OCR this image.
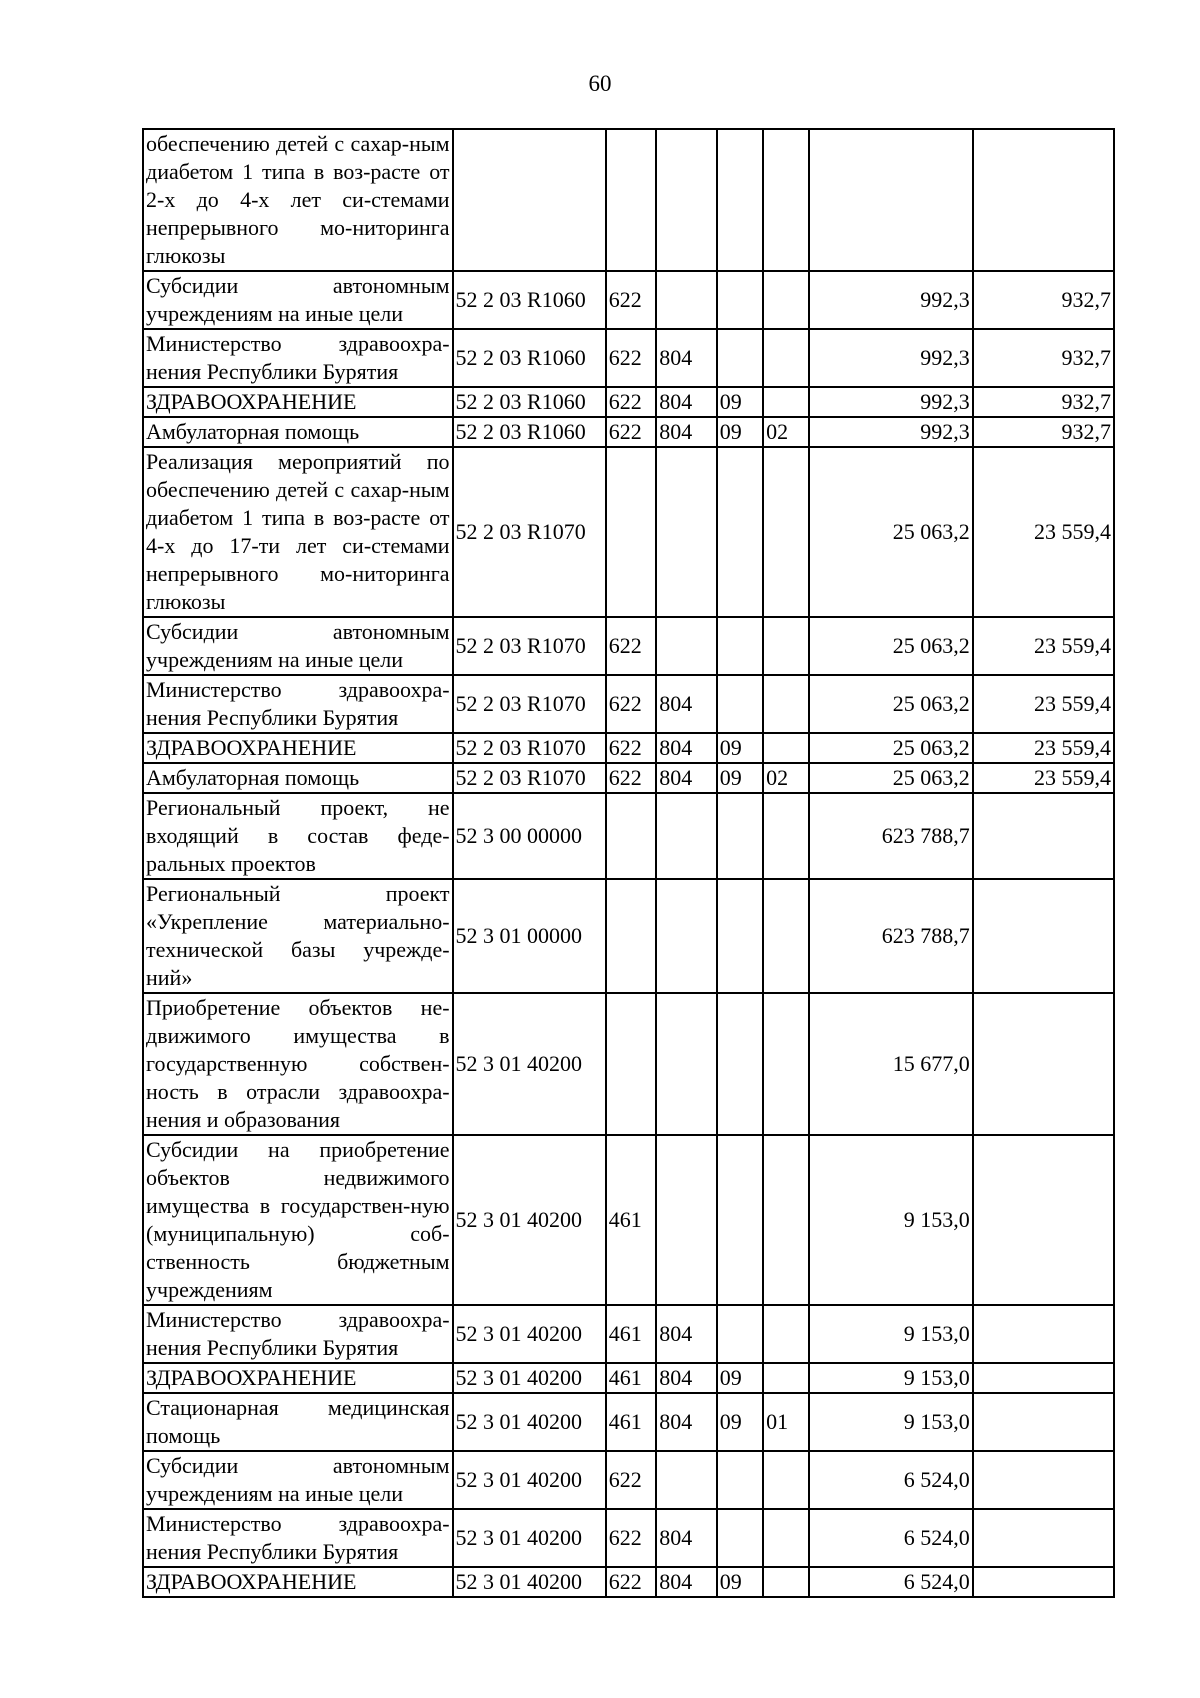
60
обеспечению детей с сахар-ным диабетом 1 типа в воз-расте от 2-х до 4-х лет си-стемами непрерывного мо-ниторинга глюкозы							
Субсидии автономным учреждениям на иные цели	52 2 03 R1060	622				992,3	932,7
Министерство здравоохра-нения Республики Бурятия	52 2 03 R1060	622	804			992,3	932,7
ЗДРАВООХРАНЕНИЕ	52 2 03 R1060	622	804	09		992,3	932,7
Амбулаторная помощь	52 2 03 R1060	622	804	09	02	992,3	932,7
Реализация мероприятий по обеспечению детей с сахар-ным диабетом 1 типа в воз-расте от 4-х до 17-ти лет си-стемами непрерывного мо-ниторинга глюкозы	52 2 03 R1070					25 063,2	23 559,4
Субсидии автономным учреждениям на иные цели	52 2 03 R1070	622				25 063,2	23 559,4
Министерство здравоохра-нения Республики Бурятия	52 2 03 R1070	622	804			25 063,2	23 559,4
ЗДРАВООХРАНЕНИЕ	52 2 03 R1070	622	804	09		25 063,2	23 559,4
Амбулаторная помощь	52 2 03 R1070	622	804	09	02	25 063,2	23 559,4
Региональный проект, не входящий в состав феде-ральных проектов	52 3 00 00000					623 788,7	
Региональный проект «Укрепление материально-технической базы учрежде-ний»	52 3 01 00000					623 788,7	
Приобретение объектов не-движимого имущества в государственную собствен-ность в отрасли здравоохра-нения и образования	52 3 01 40200					15 677,0	
Субсидии на приобретение объектов недвижимого имущества в государствен-ную (муниципальную) соб-ственность бюджетным учреждениям	52 3 01 40200	461				9 153,0	
Министерство здравоохра-нения Республики Бурятия	52 3 01 40200	461	804			9 153,0	
ЗДРАВООХРАНЕНИЕ	52 3 01 40200	461	804	09		9 153,0	
Стационарная медицинская помощь	52 3 01 40200	461	804	09	01	9 153,0	
Субсидии автономным учреждениям на иные цели	52 3 01 40200	622				6 524,0	
Министерство здравоохра-нения Республики Бурятия	52 3 01 40200	622	804			6 524,0	
ЗДРАВООХРАНЕНИЕ	52 3 01 40200	622	804	09		6 524,0	
